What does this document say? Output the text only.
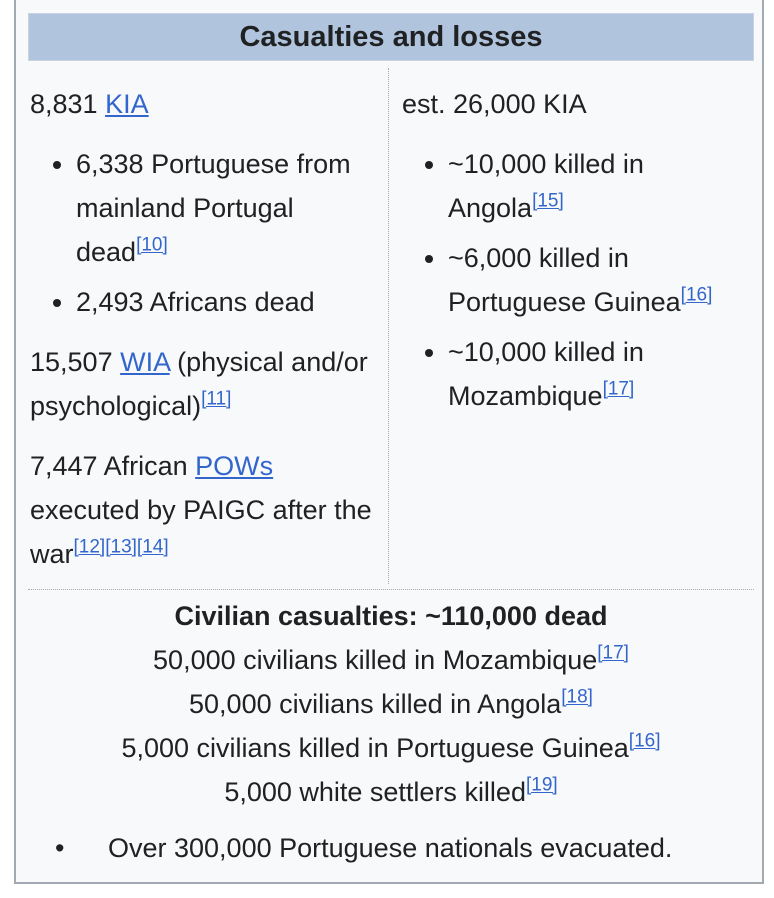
Casualties and losses

8,831 KIA

• 6,338 Portuguese from mainland Portugal dead[10]
• 2,493 Africans dead

15,507 WIA (physical and/or psychological)[11]

7,447 African POWs executed by PAIGC after the war[12][13][14]

est. 26,000 KIA

• ~10,000 killed in Angola[15]
• ~6,000 killed in Portuguese Guinea[16]
• ~10,000 killed in Mozambique[17]
Civilian casualties: ~110,000 dead
50,000 civilians killed in Mozambique[17]
50,000 civilians killed in Angola[18]
5,000 civilians killed in Portuguese Guinea[16]
5,000 white settlers killed[19]
• Over 300,000 Portuguese nationals evacuated.
